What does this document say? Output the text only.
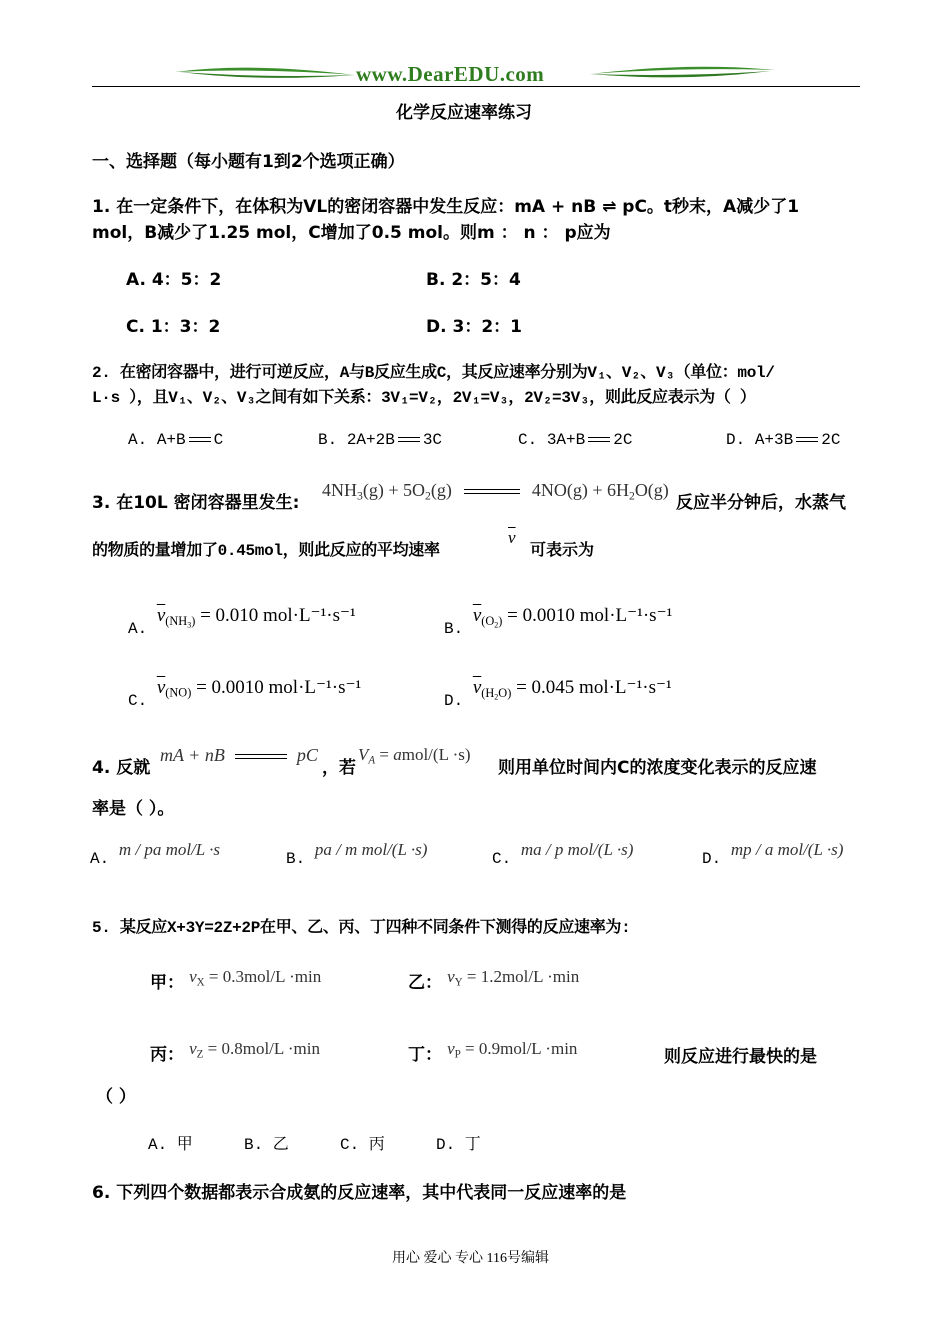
www.DearEDU.com
化学反应速率练习
一、选择题（每小题有1到2个选项正确）
1. 在一定条件下，在体积为VL的密闭容器中发生反应：mA + nB ⇌ pC。t秒末，A减少了1
mol，B减少了1.25 mol，C增加了0.5 mol。则m ： n ： p应为
A. 4：5：2	B. 2：5：4
C. 1：3：2	D. 3：2：1
2. 在密闭容器中，进行可逆反应，A与B反应生成C，其反应速率分别为V₁、V₂、V₃（单位：mol/
L·s ），且V₁、V₂、V₃之间有如下关系：3V₁=V₂，2V₁=V₃，2V₂=3V₃，则此反应表示为（ ）
A. A+B C	B. 2A+2B 3C	C. 3A+B 2C	D. A+3B 2C
3. 在10L 密闭容器里发生:
$4NH_3(g) + 5O_2(g)$	$4NO(g) + 6H_2O(g)$
反应半分钟后，水蒸气
的物质的量增加了0.45mol，则此反应的平均速率
$\overline{v}$
可表示为
A. $\overline{v}_{(NH_3)} = 0.010$ mol·L⁻¹·s⁻¹
B. $\overline{v}_{(O_2)} = 0.0010$ mol·L⁻¹·s⁻¹
C. $\overline{v}_{(NO)} = 0.0010$ mol·L⁻¹·s⁻¹
D. $\overline{v}_{(H_2O)} = 0.045$ mol·L⁻¹·s⁻¹
4. 反就
mA + nB	pC
，若
$V_A$ = amol/(L ·s)
则用单位时间内C的浓度变化表示的反应速
率是（ ）。
A. m / pa mol/L ·s	B. pa / m mol/(L ·s)	C. ma / p mol/(L ·s)	D. mp / a mol/(L ·s)
5. 某反应X+3Y=2Z+2P在甲、乙、丙、丁四种不同条件下测得的反应速率为:
甲： $v_X = 0.3mol/L \cdot\min$	乙： $v_Y = 1.2mol/L \cdot\min$
丙： $v_Z = 0.8mol/L \cdot\min$	丁： $v_P = 0.9mol/L \cdot\min$	则反应进行最快的是
（ ）
A. 甲	B. 乙	C. 丙	D. 丁
6. 下列四个数据都表示合成氨的反应速率，其中代表同一反应速率的是
用心 爱心 专心 116号编辑
